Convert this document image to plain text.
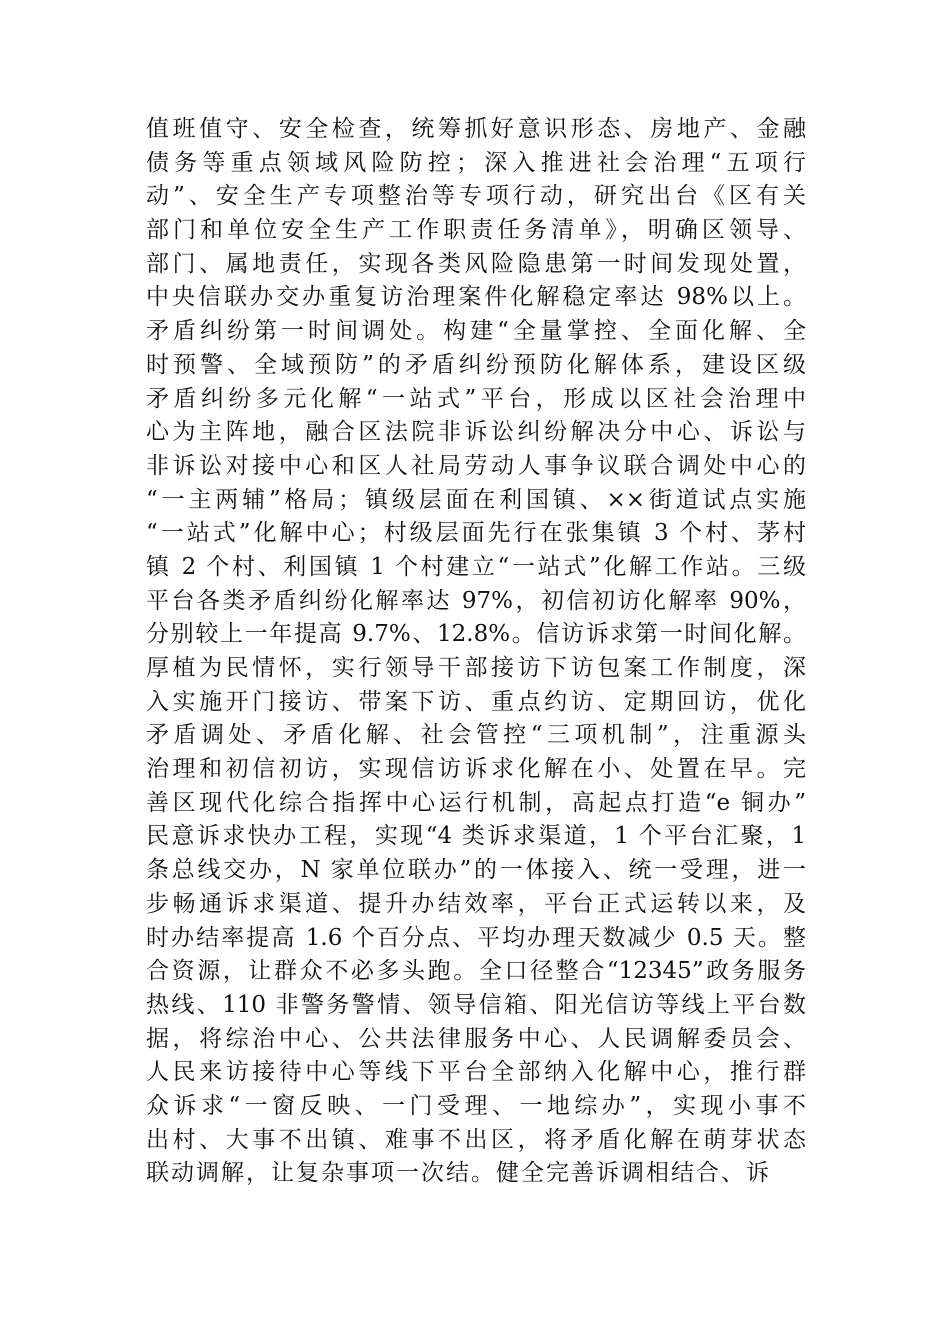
值班值守、安全检查，统筹抓好意识形态、房地产、金融
债务等重点领域风险防控；深入推进社会治理“五项行
动”、安全生产专项整治等专项行动，研究出台《区有关
部门和单位安全生产工作职责任务清单》，明确区领导、
部门、属地责任，实现各类风险隐患第一时间发现处置，
中央信联办交办重复访治理案件化解稳定率达 98%以上。
矛盾纠纷第一时间调处。构建“全量掌控、全面化解、全
时预警、全域预防”的矛盾纠纷预防化解体系，建设区级
矛盾纠纷多元化解“一站式”平台，形成以区社会治理中
心为主阵地，融合区法院非诉讼纠纷解决分中心、诉讼与
非诉讼对接中心和区人社局劳动人事争议联合调处中心的
“一主两辅”格局；镇级层面在利国镇、××街道试点实施
“一站式”化解中心；村级层面先行在张集镇 3 个村、茅村
镇 2 个村、利国镇 1 个村建立“一站式”化解工作站。三级
平台各类矛盾纠纷化解率达 97%，初信初访化解率 90%，
分别较上一年提高 9.7%、12.8%。信访诉求第一时间化解。
厚植为民情怀，实行领导干部接访下访包案工作制度，深
入实施开门接访、带案下访、重点约访、定期回访，优化
矛盾调处、矛盾化解、社会管控“三项机制”，注重源头
治理和初信初访，实现信访诉求化解在小、处置在早。完
善区现代化综合指挥中心运行机制，高起点打造“e 铜办”
民意诉求快办工程，实现“4 类诉求渠道，1 个平台汇聚，1
条总线交办，N 家单位联办”的一体接入、统一受理，进一
步畅通诉求渠道、提升办结效率，平台正式运转以来，及
时办结率提高 1.6 个百分点、平均办理天数减少 0.5 天。整
合资源，让群众不必多头跑。全口径整合“12345”政务服务
热线、110 非警务警情、领导信箱、阳光信访等线上平台数
据，将综治中心、公共法律服务中心、人民调解委员会、
人民来访接待中心等线下平台全部纳入化解中心，推行群
众诉求“一窗反映、一门受理、一地综办”，实现小事不
出村、大事不出镇、难事不出区，将矛盾化解在萌芽状态
联动调解，让复杂事项一次结。健全完善诉调相结合、诉
